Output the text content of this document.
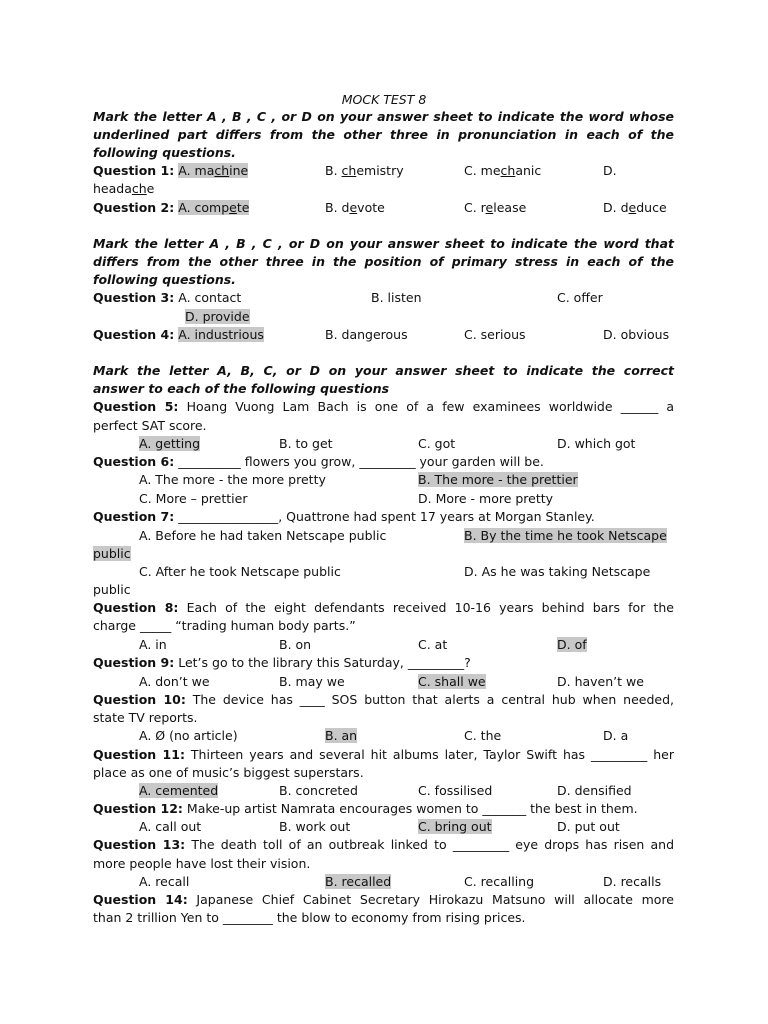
MOCK TEST 8
Mark the letter A , B , C , or D on your answer sheet to indicate the word whose
underlined part differs from the other three in pronunciation in each of the
following questions.
Question 1: A. machine	B. chemistry	C. mechanic	D.
headache
Question 2: A. compete	B. devote	C. release	D. deduce
Mark the letter A , B , C , or D on your answer sheet to indicate the word that
differs from the other three in the position of primary stress in each of the
following questions.
Question 3: A. contact	B. listen	C. offer
D. provide
Question 4: A. industrious	B. dangerous	C. serious	D. obvious
Mark the letter A, B, C, or D on your answer sheet to indicate the correct
answer to each of the following questions
Question 5: Hoang Vuong Lam Bach is one of a few examinees worldwide ______ a
perfect SAT score.
A. getting	B. to get	C. got	D. which got
Question 6: __________ flowers you grow, _________ your garden will be.
A. The more - the more pretty	B. The more - the prettier
C. More – prettier	D. More - more pretty
Question 7: ________________, Quattrone had spent 17 years at Morgan Stanley.
A. Before he had taken Netscape public	B. By the time he took Netscape
public
C. After he took Netscape public	D. As he was taking Netscape
public
Question 8: Each of the eight defendants received 10-16 years behind bars for the
charge _____ “trading human body parts.”
A. in	B. on	C. at	D. of
Question 9: Let’s go to the library this Saturday, _________?
A. don’t we	B. may we	C. shall we	D. haven’t we
Question 10: The device has ____ SOS button that alerts a central hub when needed,
state TV reports.
A. Ø (no article)	B. an	C. the	D. a
Question 11: Thirteen years and several hit albums later, Taylor Swift has _________ her
place as one of music’s biggest superstars.
A. cemented	B. concreted	C. fossilised	D. densified
Question 12: Make-up artist Namrata encourages women to _______ the best in them.
A. call out	B. work out	C. bring out	D. put out
Question 13: The death toll of an outbreak linked to _________ eye drops has risen and
more people have lost their vision.
A. recall	B. recalled	C. recalling	D. recalls
Question 14: Japanese Chief Cabinet Secretary Hirokazu Matsuno will allocate more
than 2 trillion Yen to ________ the blow to economy from rising prices.
